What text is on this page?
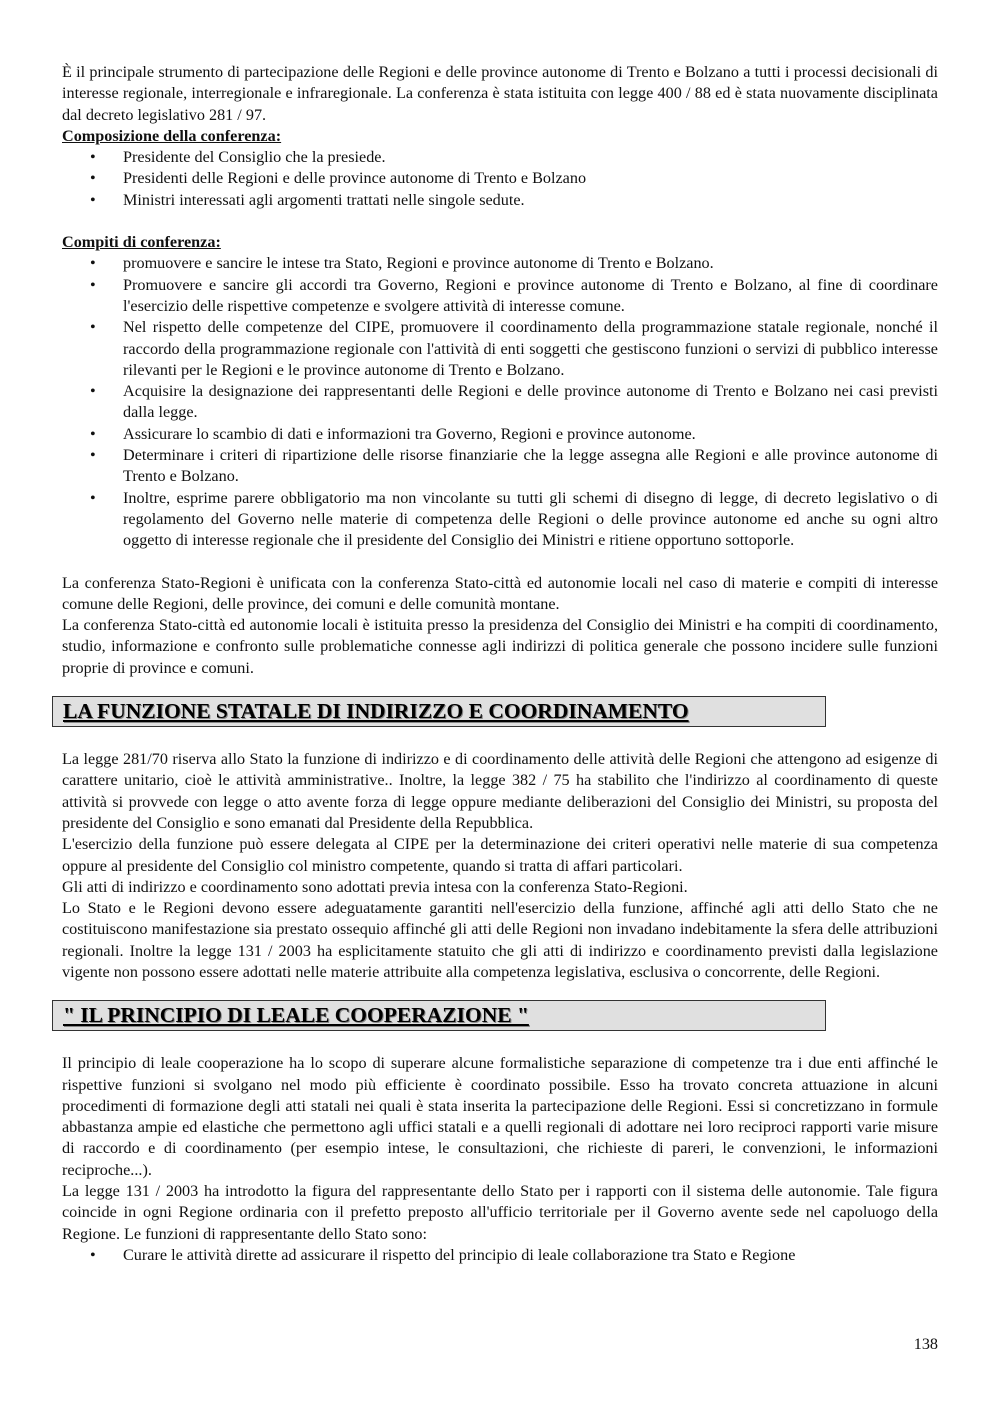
È il principale strumento di partecipazione delle Regioni e delle province autonome di Trento e Bolzano a tutti i processi decisionali di interesse regionale, interregionale e infraregionale. La conferenza è stata istituita con legge 400 / 88 ed è stata nuovamente disciplinata dal decreto legislativo 281 / 97.

Composizione della conferenza:

• Presidente del Consiglio che la presiede.
• Presidenti delle Regioni e delle province autonome di Trento e Bolzano
• Ministri interessati agli argomenti trattati nelle singole sedute.

Compiti di conferenza:

• promuovere e sancire le intese tra Stato, Regioni e province autonome di Trento e Bolzano.
• Promuovere e sancire gli accordi tra Governo, Regioni e province autonome di Trento e Bolzano, al fine di coordinare l'esercizio delle rispettive competenze e svolgere attività di interesse comune.
• Nel rispetto delle competenze del CIPE, promuovere il coordinamento della programmazione statale regionale, nonché il raccordo della programmazione regionale con l'attività di enti soggetti che gestiscono funzioni o servizi di pubblico interesse rilevanti per le Regioni e le province autonome di Trento e Bolzano.
• Acquisire la designazione dei rappresentanti delle Regioni e delle province autonome di Trento e Bolzano nei casi previsti dalla legge.
• Assicurare lo scambio di dati e informazioni tra Governo, Regioni e province autonome.
• Determinare i criteri di ripartizione delle risorse finanziarie che la legge assegna alle Regioni e alle province autonome di Trento e Bolzano.
• Inoltre, esprime parere obbligatorio ma non vincolante su tutti gli schemi di disegno di legge, di decreto legislativo o di regolamento del Governo nelle materie di competenza delle Regioni o delle province autonome ed anche su ogni altro oggetto di interesse regionale che il presidente del Consiglio dei Ministri e ritiene opportuno sottoporle.

La conferenza Stato-Regioni è unificata con la conferenza Stato-città ed autonomie locali nel caso di materie e compiti di interesse comune delle Regioni, delle province, dei comuni e delle comunità montane.

La conferenza Stato-città ed autonomie locali è istituita presso la presidenza del Consiglio dei Ministri e ha compiti di coordinamento, studio, informazione e confronto sulle problematiche connesse agli indirizzi di politica generale che possono incidere sulle funzioni proprie di province e comuni.

LA FUNZIONE STATALE DI INDIRIZZO E COORDINAMENTO

La legge 281/70 riserva allo Stato la funzione di indirizzo e di coordinamento delle attività delle Regioni che attengono ad esigenze di carattere unitario, cioè le attività amministrative.. Inoltre, la legge 382 / 75 ha stabilito che l'indirizzo al coordinamento di queste attività si provvede con legge o atto avente forza di legge oppure mediante deliberazioni del Consiglio dei Ministri, su proposta del presidente del Consiglio e sono emanati dal Presidente della Repubblica.

L'esercizio della funzione può essere delegata al CIPE per la determinazione dei criteri operativi nelle materie di sua competenza oppure al presidente del Consiglio col ministro competente, quando si tratta di affari particolari.

Gli atti di indirizzo e coordinamento sono adottati previa intesa con la conferenza Stato-Regioni.

Lo Stato e le Regioni devono essere adeguatamente garantiti nell'esercizio della funzione, affinché agli atti dello Stato che ne costituiscono manifestazione sia prestato ossequio affinché gli atti delle Regioni non invadano indebitamente la sfera delle attribuzioni regionali. Inoltre la legge 131 / 2003 ha esplicitamente statuito che gli atti di indirizzo e coordinamento previsti dalla legislazione vigente non possono essere adottati nelle materie attribuite alla competenza legislativa, esclusiva o concorrente, delle Regioni.

" IL PRINCIPIO DI LEALE COOPERAZIONE "

Il principio di leale cooperazione ha lo scopo di superare alcune formalistiche separazione di competenze tra i due enti affinché le rispettive funzioni si svolgano nel modo più efficiente è coordinato possibile. Esso ha trovato concreta attuazione in alcuni procedimenti di formazione degli atti statali nei quali è stata inserita la partecipazione delle Regioni. Essi si concretizzano in formule abbastanza ampie ed elastiche che permettono agli uffici statali e a quelli regionali di adottare nei loro reciproci rapporti varie misure di raccordo e di coordinamento (per esempio intese, le consultazioni, che richieste di pareri, le convenzioni, le informazioni reciproche...).

La legge 131 / 2003 ha introdotto la figura del rappresentante dello Stato per i rapporti con il sistema delle autonomie. Tale figura coincide in ogni Regione ordinaria con il prefetto preposto all'ufficio territoriale per il Governo avente sede nel capoluogo della Regione. Le funzioni di rappresentante dello Stato sono:

• Curare le attività dirette ad assicurare il rispetto del principio di leale collaborazione tra Stato e Regione
138
